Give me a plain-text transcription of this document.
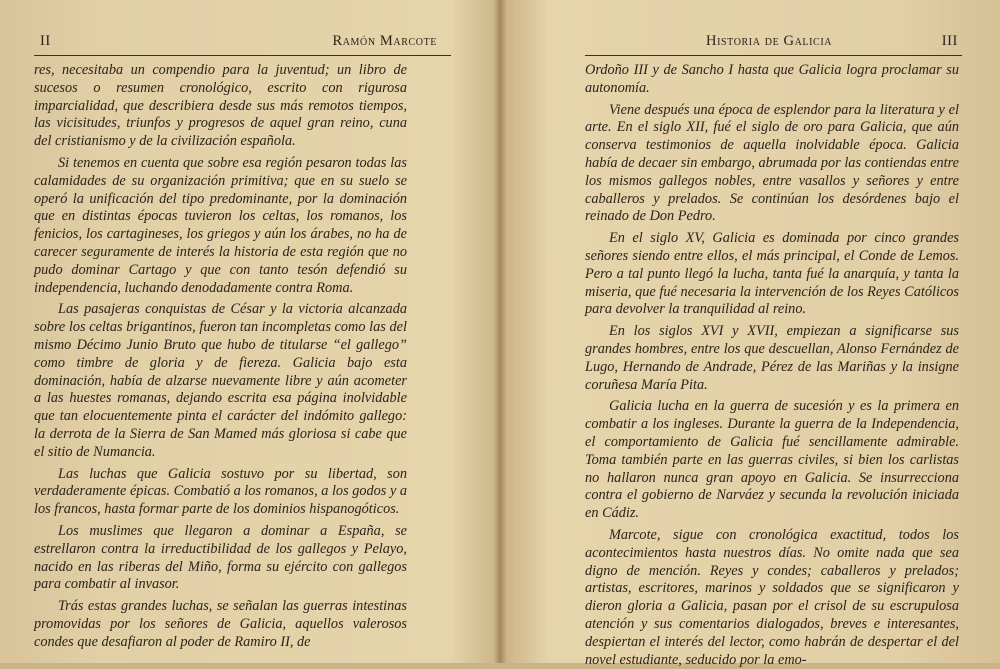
II	Ramón Marcote

res, necesitaba un compendio para la juventud; un libro de sucesos o resumen cronológico, escrito con rigurosa imparcialidad, que describiera desde sus más remotos tiempos, las vicisitudes, triunfos y progresos de aquel gran reino, cuna del cristianismo y de la civilización española.

Si tenemos en cuenta que sobre esa región pesaron todas las calamidades de su organización primitiva; que en su suelo se operó la unificación del tipo predominante, por la dominación que en distintas épocas tuvieron los celtas, los romanos, los fenicios, los cartagineses, los griegos y aún los árabes, no ha de carecer seguramente de interés la historia de esta región que no pudo dominar Cartago y que con tanto tesón defendió su independencia, luchando denodadamente contra Roma.

Las pasajeras conquistas de César y la victoria alcanzada sobre los celtas brigantinos, fueron tan incompletas como las del mismo Décimo Junio Bruto que hubo de titularse “el gallego” como timbre de gloria y de fiereza. Galicia bajo esta dominación, había de alzarse nuevamente libre y aún acometer a las huestes romanas, dejando escrita esa página inolvidable que tan elocuentemente pinta el carácter del indómito gallego: la derrota de la Sierra de San Mamed más gloriosa si cabe que el sitio de Numancia.

Las luchas que Galicia sostuvo por su libertad, son verdaderamente épicas. Combatió a los romanos, a los godos y a los francos, hasta formar parte de los dominios hispanogóticos.

Los muslimes que llegaron a dominar a España, se estrellaron contra la irreductibilidad de los gallegos y Pelayo, nacido en las riberas del Miño, forma su ejército con gallegos para combatir al invasor.

Trás estas grandes luchas, se señalan las guerras intestinas promovidas por los señores de Galicia, aquellos valerosos condes que desafiaron al poder de Ramiro II, de

Historia de Galicia	III

Ordoño III y de Sancho I hasta que Galicia logra proclamar su autonomía.

Viene después una época de esplendor para la literatura y el arte. En el siglo XII, fué el siglo de oro para Galicia, que aún conserva testimonios de aquella inolvidable época. Galicia había de decaer sin embargo, abrumada por las contiendas entre los mismos gallegos nobles, entre vasallos y señores y entre caballeros y prelados. Se continúan los desórdenes bajo el reinado de Don Pedro.

En el siglo XV, Galicia es dominada por cinco grandes señores siendo entre ellos, el más principal, el Conde de Lemos. Pero a tal punto llegó la lucha, tanta fué la anarquía, y tanta la miseria, que fué necesaria la intervención de los Reyes Católicos para devolver la tranquilidad al reino.

En los siglos XVI y XVII, empiezan a significarse sus grandes hombres, entre los que descuellan, Alonso Fernández de Lugo, Hernando de Andrade, Pérez de las Mariñas y la insigne coruñesa María Pita.

Galicia lucha en la guerra de sucesión y es la primera en combatir a los ingleses. Durante la guerra de la Independencia, el comportamiento de Galicia fué sencillamente admirable. Toma también parte en las guerras civiles, si bien los carlistas no hallaron nunca gran apoyo en Galicia. Se insurrecciona contra el gobierno de Narváez y secunda la revolución iniciada en Cádiz.

Marcote, sigue con cronológica exactitud, todos los acontecimientos hasta nuestros días. No omite nada que sea digno de mención. Reyes y condes; caballeros y prelados; artistas, escritores, marinos y soldados que se significaron y dieron gloria a Galicia, pasan por el crisol de su escrupulosa atención y sus comentarios dialogados, breves e interesantes, despiertan el interés del lector, como habrán de despertar el del novel estudiante, seducido por la emo-
